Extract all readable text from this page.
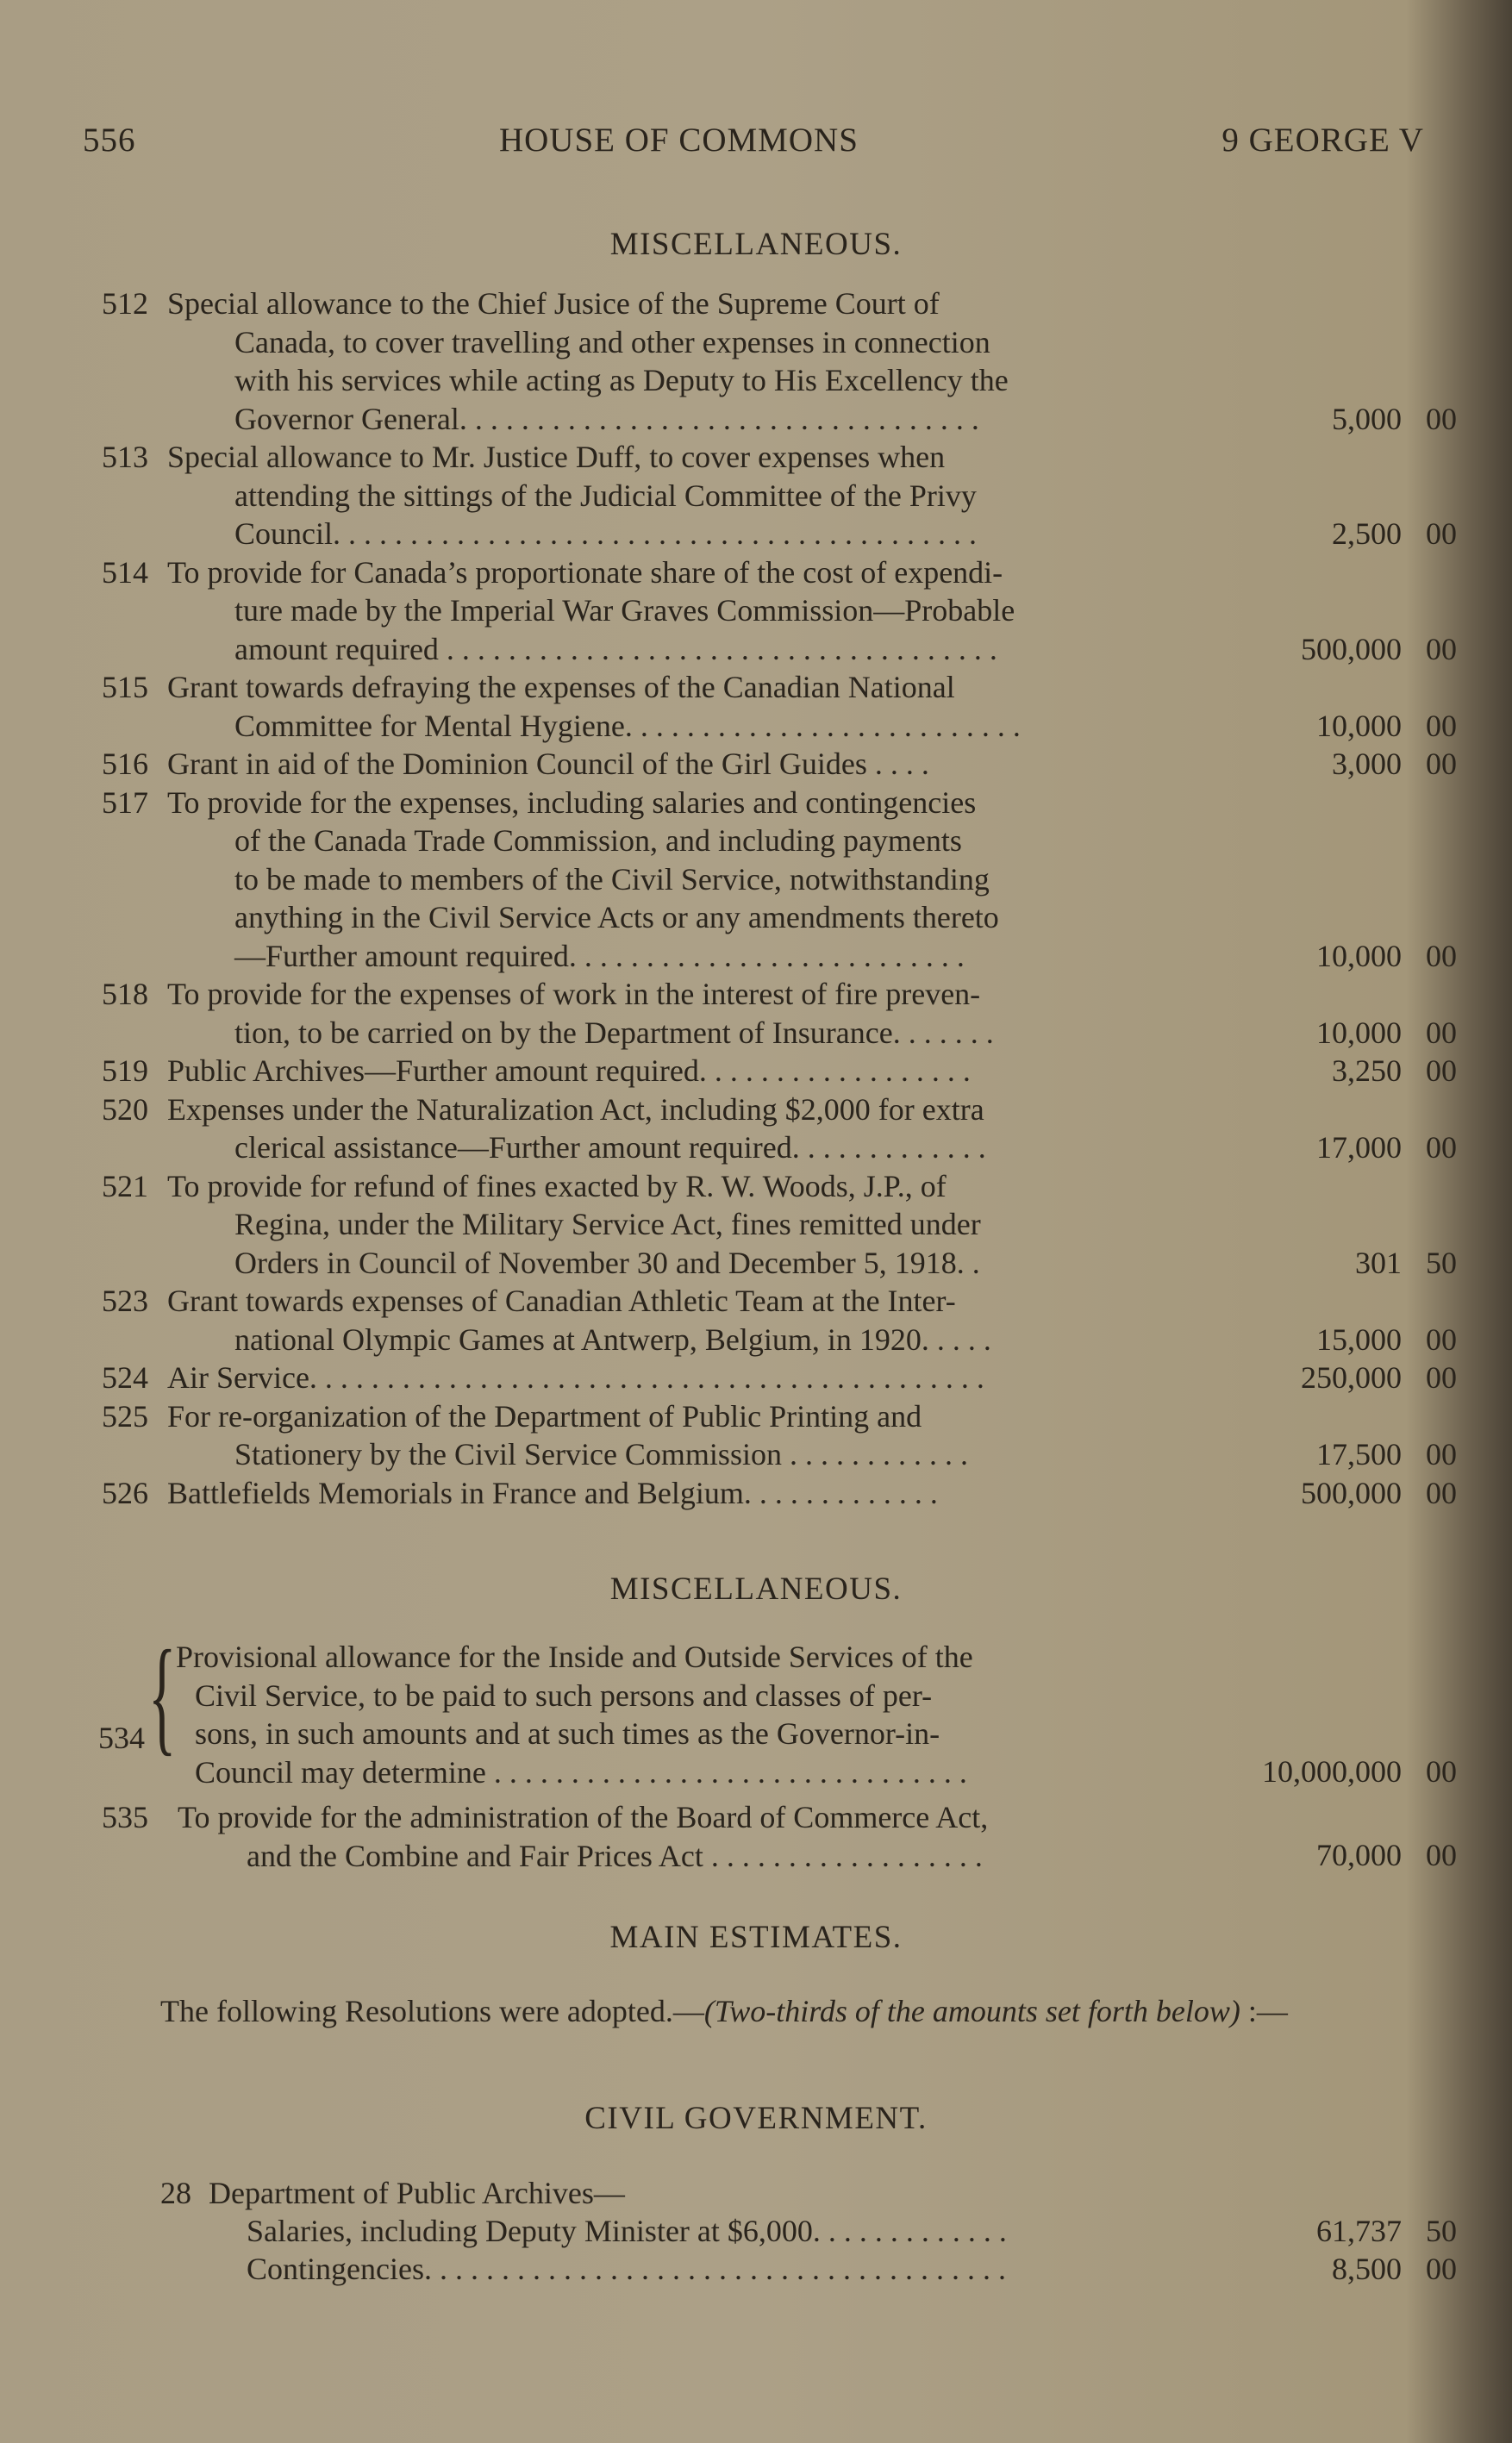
556	HOUSE OF COMMONS	9 GEORGE V
MISCELLANEOUS.
512 Special allowance to the Chief Jusice of the Supreme Court of
Canada, to cover travelling and other expenses in connection
with his services while acting as Deputy to His Excellency the
Governor General. . . . . . . . . . . . . . . . . . . . . . . . . . . . . . . . . .	5,000 00
513 Special allowance to Mr. Justice Duff, to cover expenses when
attending the sittings of the Judicial Committee of the Privy
Council. . . . . . . . . . . . . . . . . . . . . . . . . . . . . . . . . . . . . . . . . .	2,500 00
514 To provide for Canada’s proportionate share of the cost of expendi-
ture made by the Imperial War Graves Commission—Probable
amount required . . . . . . . . . . . . . . . . . . . . . . . . . . . . . . . . . . . .	500,000 00
515 Grant towards defraying the expenses of the Canadian National
Committee for Mental Hygiene. . . . . . . . . . . . . . . . . . . . . . . . . .	10,000 00
516 Grant in aid of the Dominion Council of the Girl Guides . . . .	3,000 00
517 To provide for the expenses, including salaries and contingencies
of the Canada Trade Commission, and including payments
to be made to members of the Civil Service, notwithstanding
anything in the Civil Service Acts or any amendments thereto
—Further amount required. . . . . . . . . . . . . . . . . . . . . . . . . .	10,000 00
518 To provide for the expenses of work in the interest of fire preven-
tion, to be carried on by the Department of Insurance. . . . . . .	10,000 00
519 Public Archives—Further amount required. . . . . . . . . . . . . . . . . .	3,250 00
520 Expenses under the Naturalization Act, including $2,000 for extra
clerical assistance—Further amount required. . . . . . . . . . . . .	17,000 00
521 To provide for refund of fines exacted by R. W. Woods, J.P., of
Regina, under the Military Service Act, fines remitted under
Orders in Council of November 30 and December 5, 1918. .	301 50
523 Grant towards expenses of Canadian Athletic Team at the Inter-
national Olympic Games at Antwerp, Belgium, in 1920. . . . .	15,000 00
524 Air Service. . . . . . . . . . . . . . . . . . . . . . . . . . . . . . . . . . . . . . . . . . . .	250,000 00
525 For re-organization of the Department of Public Printing and
Stationery by the Civil Service Commission . . . . . . . . . . . .	17,500 00
526 Battlefields Memorials in France and Belgium. . . . . . . . . . . . .	500,000 00
MISCELLANEOUS.
534 { Provisional allowance for the Inside and Outside Services of the
Civil Service, to be paid to such persons and classes of per-
sons, in such amounts and at such times as the Governor-in-
Council may determine . . . . . . . . . . . . . . . . . . . . . . . . . . . . . . .	10,000,000 00
535 To provide for the administration of the Board of Commerce Act,
and the Combine and Fair Prices Act . . . . . . . . . . . . . . . . . .	70,000 00
MAIN ESTIMATES.
The following Resolutions were adopted.—(Two-thirds of the amounts set forth below) :—
CIVIL GOVERNMENT.
28 Department of Public Archives—
Salaries, including Deputy Minister at $6,000. . . . . . . . . . . . .	61,737 50
Contingencies. . . . . . . . . . . . . . . . . . . . . . . . . . . . . . . . . . . . . .	8,500 00
